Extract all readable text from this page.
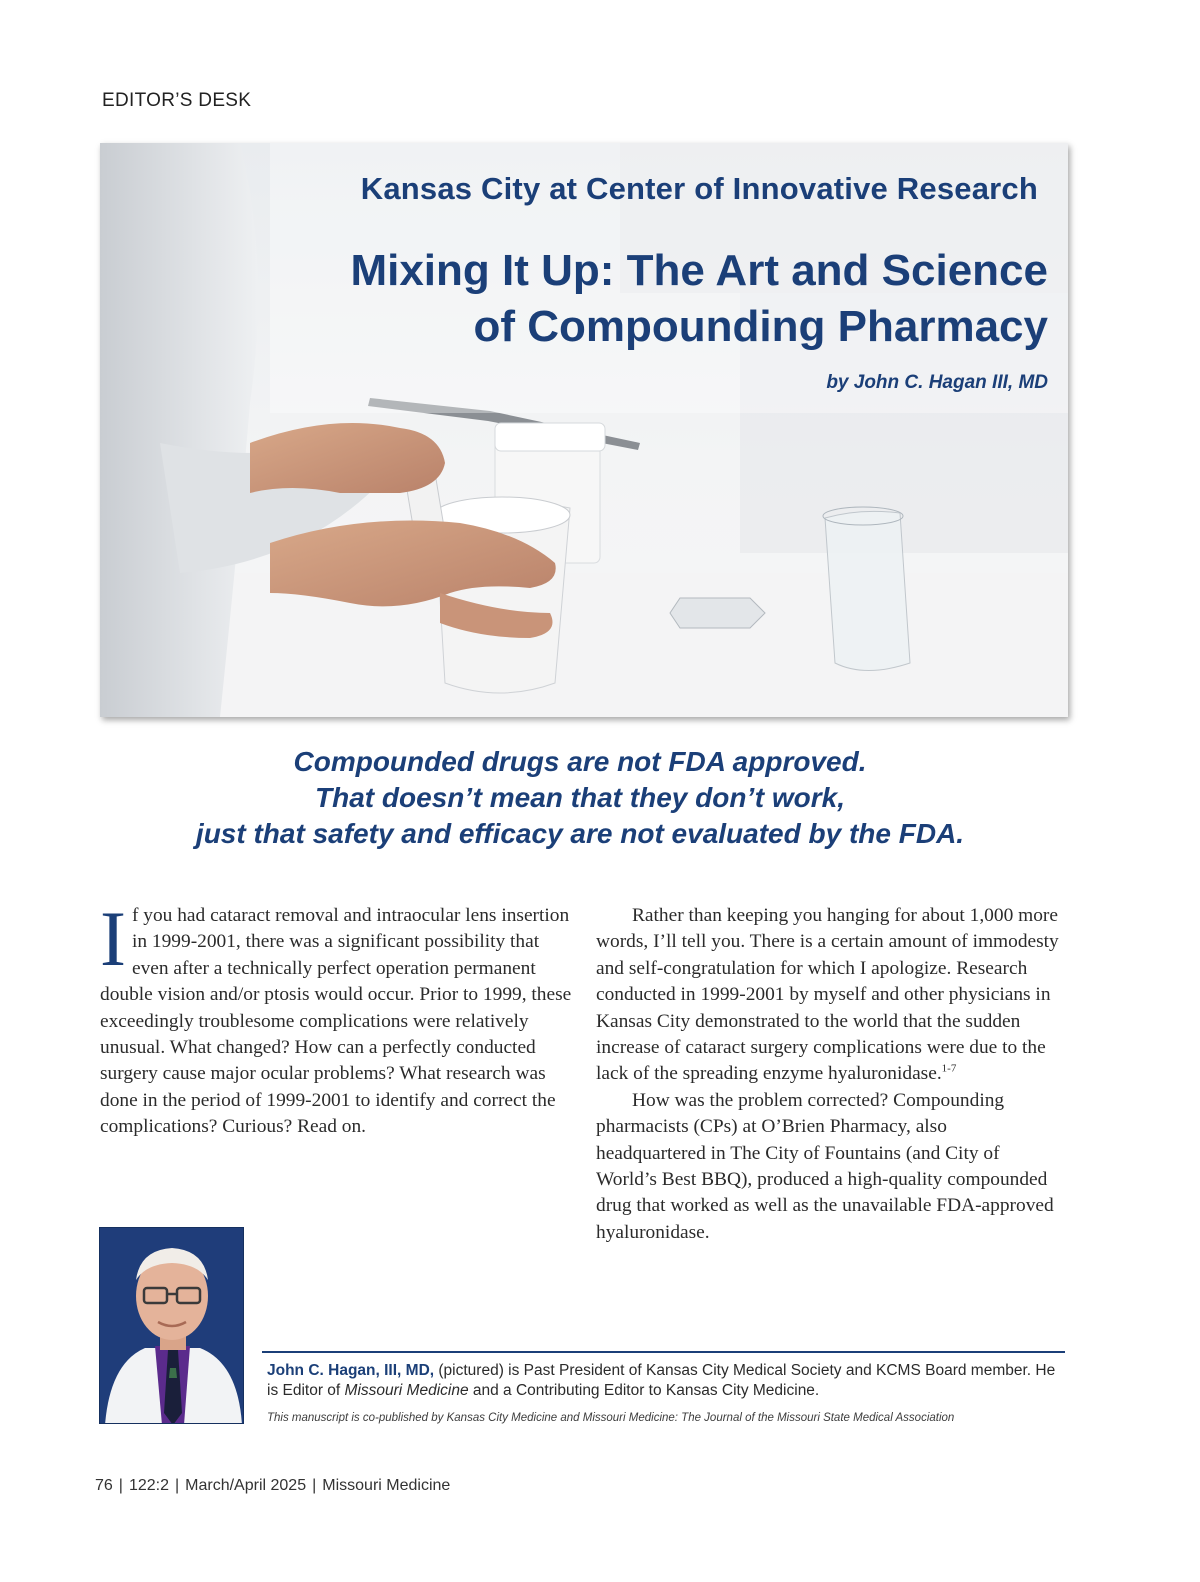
EDITOR’S DESK
Kansas City at Center of Innovative Research
Mixing It Up: The Art and Science
of Compounding Pharmacy
by John C. Hagan III, MD
Compounded drugs are not FDA approved.
That doesn’t mean that they don’t work,
just that safety and efficacy are not evaluated by the FDA.
If you had cataract removal and intraocular lens insertion in 1999-2001, there was a significant possibility that even after a technically perfect operation permanent double vision and/or ptosis would occur. Prior to 1999, these exceedingly troublesome complications were relatively unusual. What changed? How can a perfectly conducted surgery cause major ocular problems? What research was done in the period of 1999-2001 to identify and correct the complications? Curious? Read on.

Rather than keeping you hanging for about 1,000 more words, I’ll tell you. There is a certain amount of immodesty and self-congratulation for which I apologize. Research conducted in 1999-2001 by myself and other physicians in Kansas City demonstrated to the world that the sudden increase of cataract surgery complications were due to the lack of the spreading enzyme hyaluronidase.$^{1-7}$

How was the problem corrected? Compounding pharmacists (CPs) at O’Brien Pharmacy, also headquartered in The City of Fountains (and City of World’s Best BBQ), produced a high-quality compounded drug that worked as well as the unavailable FDA-approved hyaluronidase.

John C. Hagan, III, MD, (pictured) is Past President of Kansas City Medical Society and KCMS Board member. He is Editor of Missouri Medicine and a Contributing Editor to Kansas City Medicine.
This manuscript is co-published by Kansas City Medicine and Missouri Medicine: The Journal of the Missouri State Medical Association
76 | 122:2 | March/April 2025 | Missouri Medicine
